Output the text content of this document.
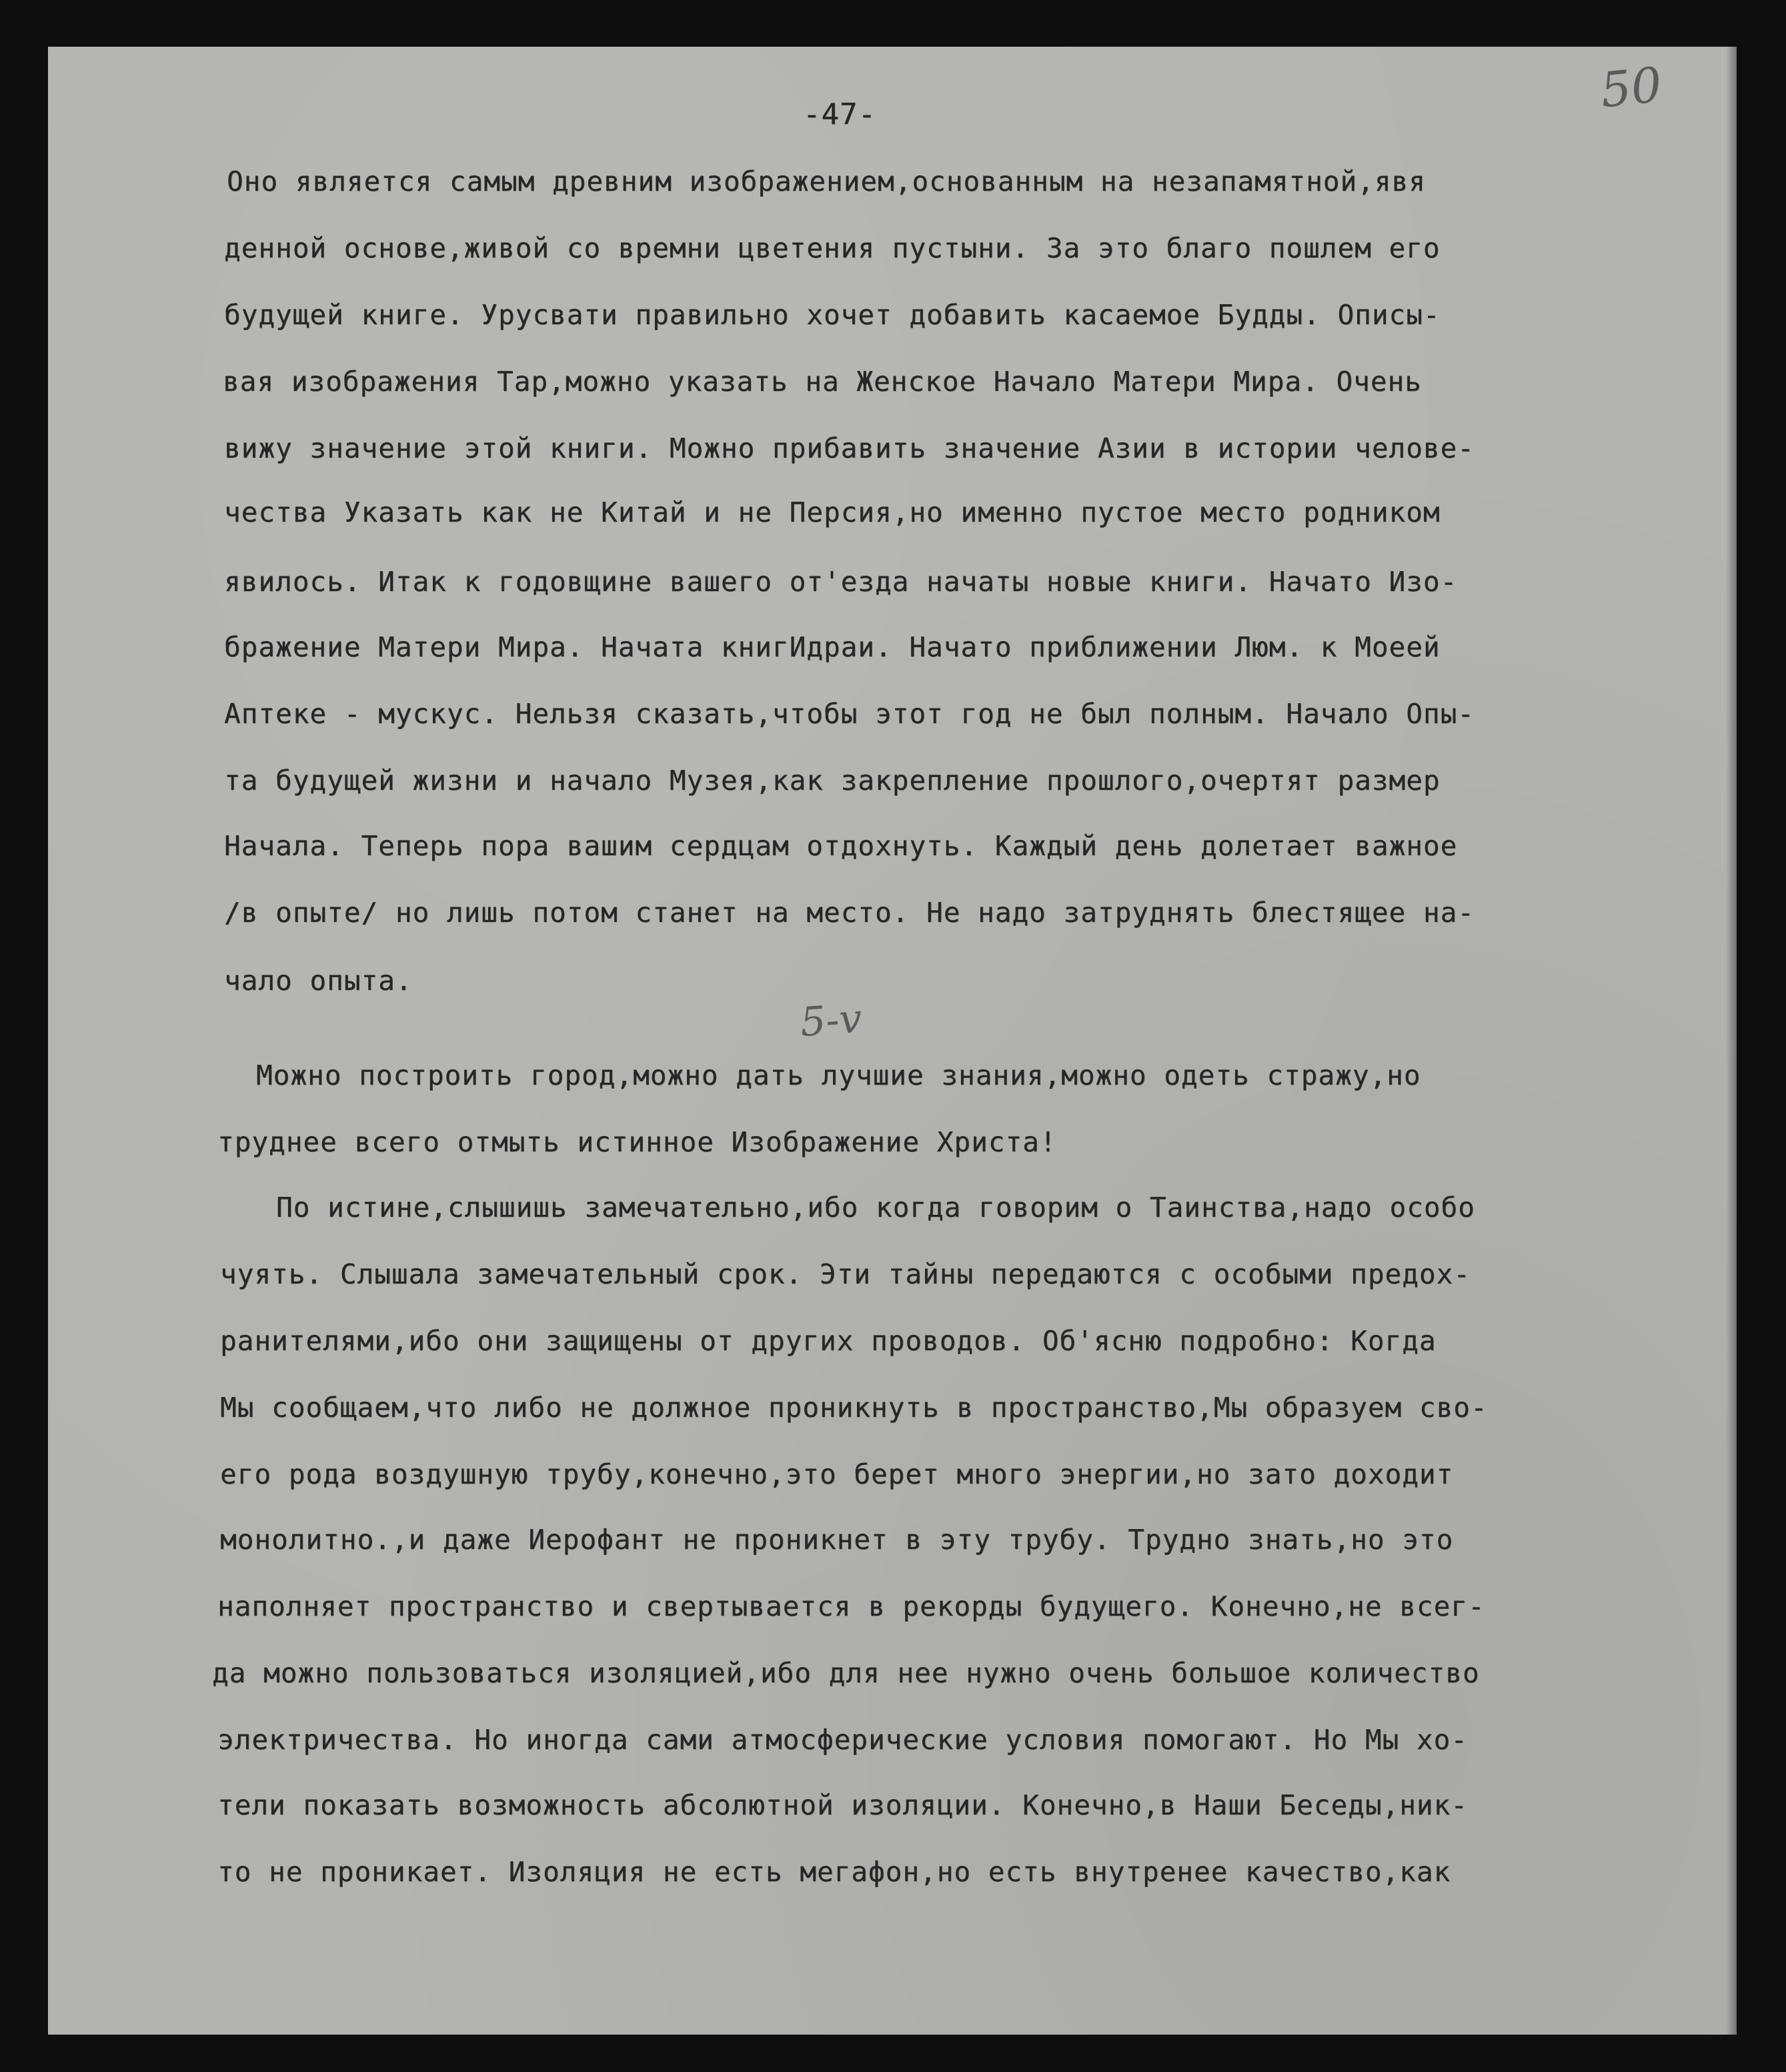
50
-47-
Оно является самым древним изображением,основанным на незапамятной,явя
денной основе,живой со времни цветения пустыни. За это благо пошлем его
будущей книге. Урусвати правильно хочет добавить касаемое Будды. Описы-
вая изображения Тар,можно указать на Женское Начало Матери Мира. Очень
вижу значение этой книги. Можно прибавить значение Азии в истории челове-
чества Указать как не Китай и не Персия,но именно пустое место родником
явилось. Итак к годовщине вашего от'езда начаты новые книги. Начато Изо-
бражение Матери Мира. Начата книгИдраи. Начато приближении Люм. к Моеей
Аптеке - мускус. Нельзя сказать,чтобы этот год не был полным. Начало Опы-
та будущей жизни и начало Музея,как закрепление прошлого,очертят размер
Начала. Теперь пора вашим сердцам отдохнуть. Каждый день долетает важное
/в опыте/ но лишь потом станет на место. Не надо затруднять блестящее на-
чало опыта.
5-v
Можно построить город,можно дать лучшие знания,можно одеть стражу,но
труднее всего отмыть истинное Изображение Христа!
По истине,слышишь замечательно,ибо когда говорим о Таинства,надо особо
чуять. Слышала замечательный срок. Эти тайны передаются с особыми предох-
ранителями,ибо они защищены от других проводов. Об'ясню подробно: Когда
Мы сообщаем,что либо не должное проникнуть в пространство,Мы образуем сво-
его рода воздушную трубу,конечно,это берет много энергии,но зато доходит
монолитно.,и даже Иерофант не проникнет в эту трубу. Трудно знать,но это
наполняет пространство и свертывается в рекорды будущего. Конечно,не всег-
да можно пользоваться изоляцией,ибо для нее нужно очень большое количество
электричества. Но иногда сами атмосферические условия помогают. Но Мы хо-
тели показать возможность абсолютной изоляции. Конечно,в Наши Беседы,ник-
то не проникает. Изоляция не есть мегафон,но есть внутренее качество,как
